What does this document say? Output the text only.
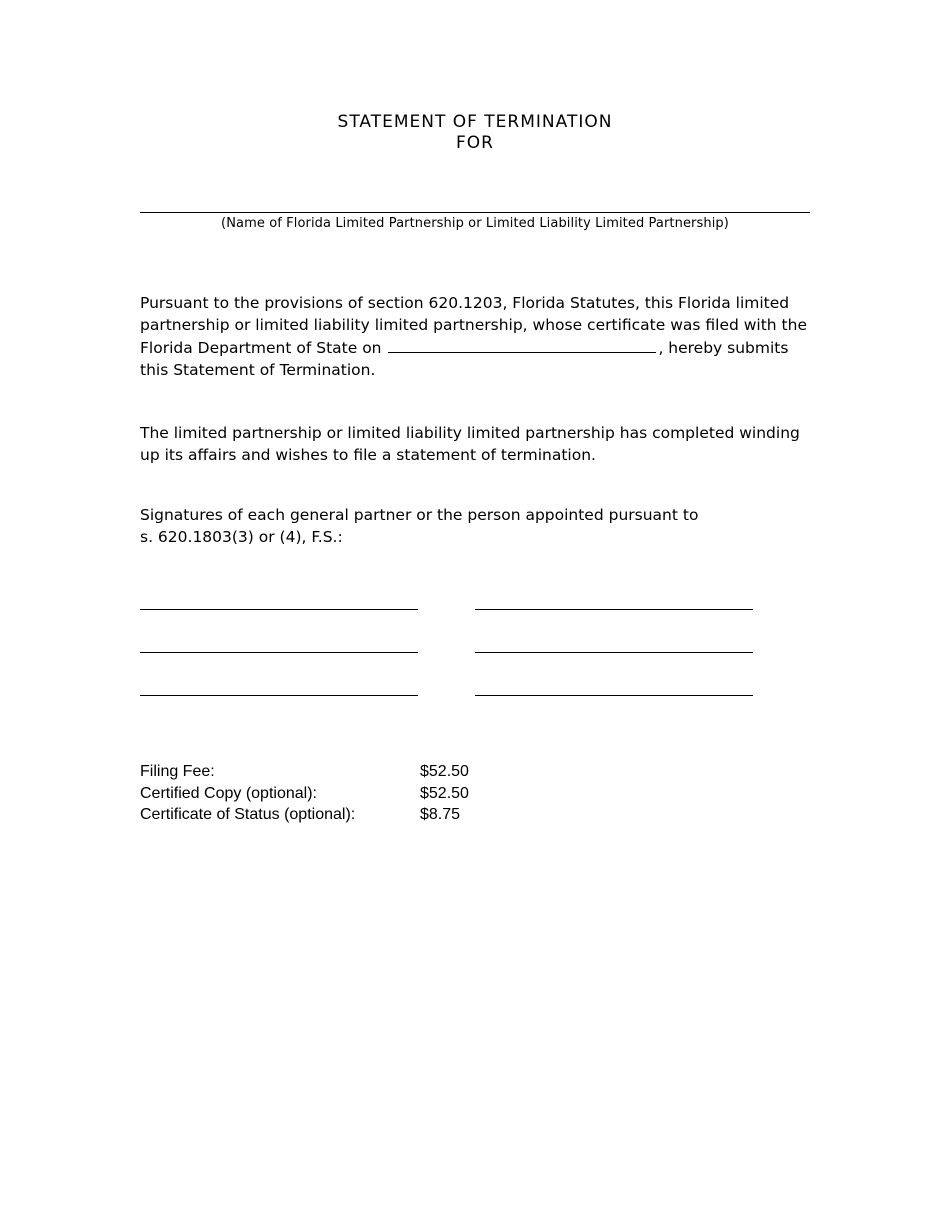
STATEMENT OF TERMINATION
FOR
(Name of Florida Limited Partnership or Limited Liability Limited Partnership)
Pursuant to the provisions of section 620.1203, Florida Statutes, this Florida limited partnership or limited liability limited partnership, whose certificate was filed with the Florida Department of State on	, hereby submits this Statement of Termination.
The limited partnership or limited liability limited partnership has completed winding up its affairs and wishes to file a statement of termination.
Signatures of each general partner or the person appointed pursuant to
s. 620.1803(3) or (4), F.S.:
Filing Fee:	$52.50
Certified Copy (optional):	$52.50
Certificate of Status (optional):	$8.75
